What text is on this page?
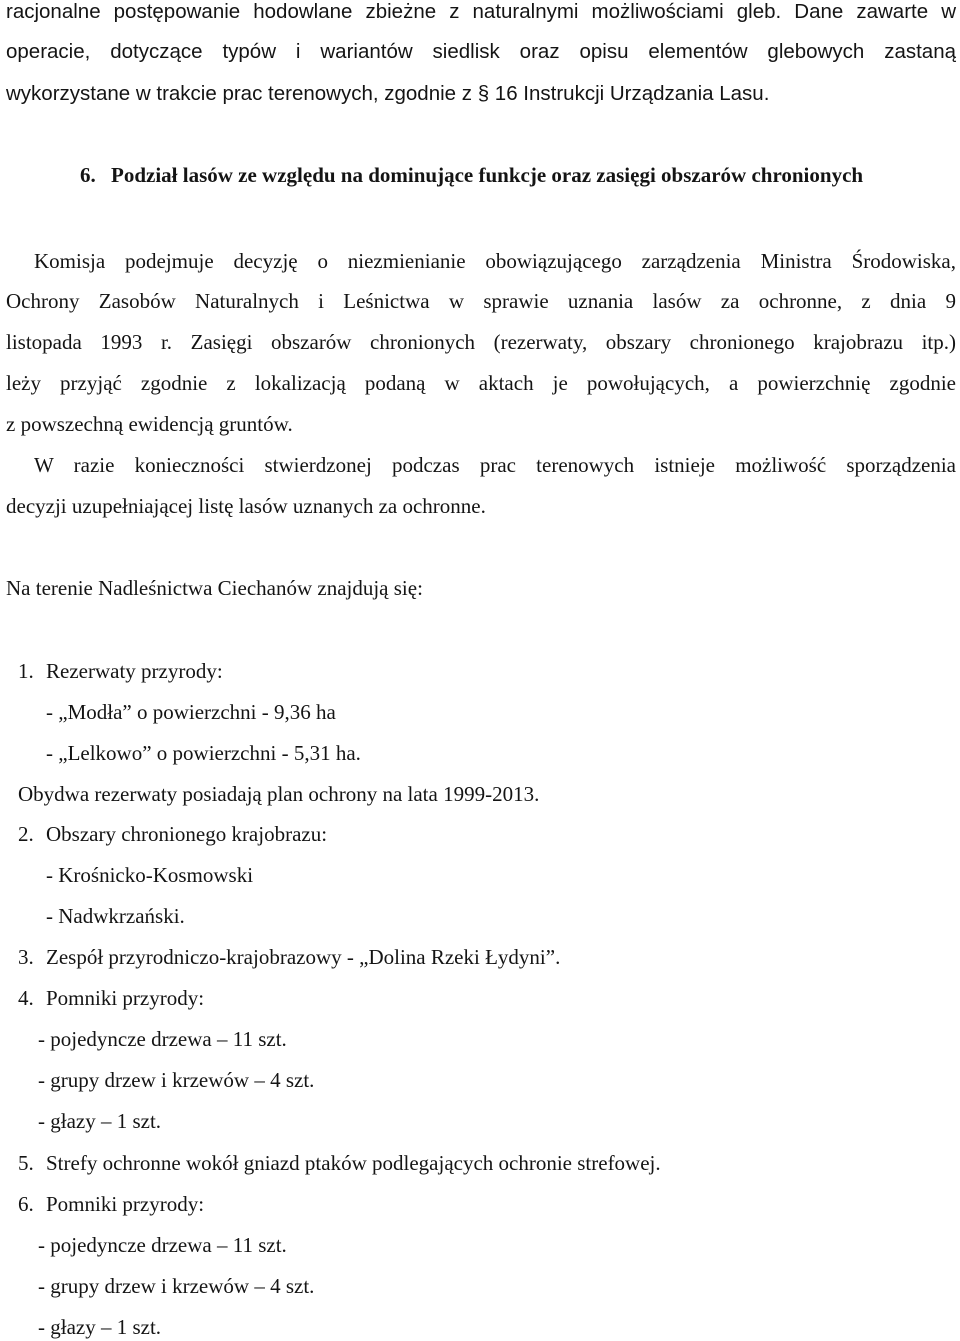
racjonalne postępowanie hodowlane zbieżne z naturalnymi możliwościami gleb. Dane zawarte w
operacie, dotyczące typów i wariantów siedlisk oraz opisu elementów glebowych zastaną
wykorzystane w trakcie prac terenowych, zgodnie z § 16 Instrukcji Urządzania Lasu.
6. Podział lasów ze względu na dominujące funkcje oraz zasięgi obszarów chronionych
Komisja podejmuje decyzję o niezmienianie obowiązującego zarządzenia Ministra Środowiska,
Ochrony Zasobów Naturalnych i Leśnictwa w sprawie uznania lasów za ochronne, z dnia 9
listopada 1993 r. Zasięgi obszarów chronionych (rezerwaty, obszary chronionego krajobrazu itp.)
leży przyjąć zgodnie z lokalizacją podaną w aktach je powołujących, a powierzchnię zgodnie
z powszechną ewidencją gruntów.
W razie konieczności stwierdzonej podczas prac terenowych istnieje możliwość sporządzenia
decyzji uzupełniającej listę lasów uznanych za ochronne.
Na terenie Nadleśnictwa Ciechanów znajdują się:
1. Rezerwaty przyrody:
- „Modła” o powierzchni - 9,36 ha
- „Lelkowo” o powierzchni - 5,31 ha.
Obydwa rezerwaty posiadają plan ochrony na lata 1999-2013.
2. Obszary chronionego krajobrazu:
- Krośnicko-Kosmowski
- Nadwkrzański.
3. Zespół przyrodniczo-krajobrazowy - „Dolina Rzeki Łydyni”.
4. Pomniki przyrody:
- pojedyncze drzewa – 11 szt.
- grupy drzew i krzewów – 4 szt.
- głazy – 1 szt.
5. Strefy ochronne wokół gniazd ptaków podlegających ochronie strefowej.
6. Pomniki przyrody:
- pojedyncze drzewa – 11 szt.
- grupy drzew i krzewów – 4 szt.
- głazy – 1 szt.
